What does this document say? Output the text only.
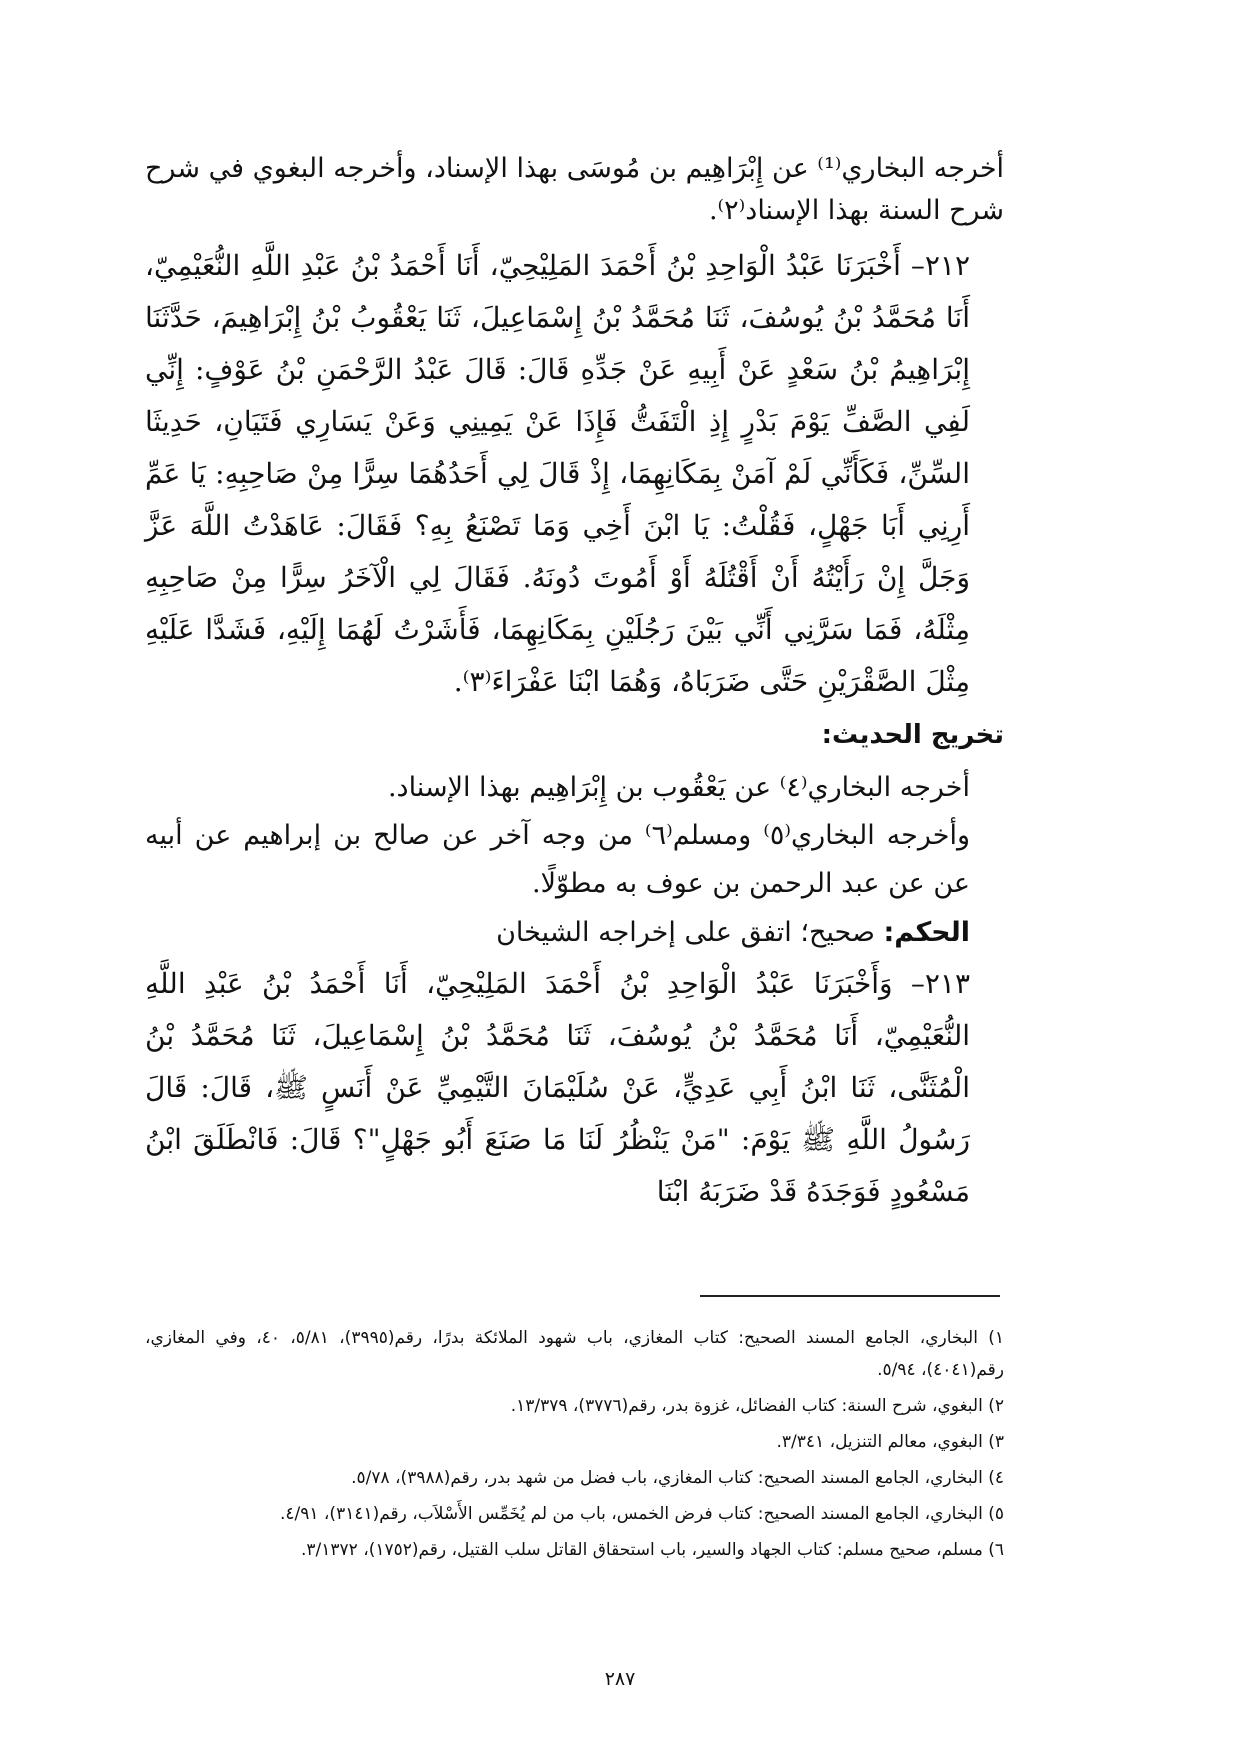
أخرجه البخاري⁽¹⁾ عن إِبْرَاهِيم بن مُوسَى بهذا الإسناد، وأخرجه البغوي في شرح شرح السنة بهذا الإسناد⁽٢⁾.

٢١٢– أَخْبَرَنَا عَبْدُ الْوَاحِدِ بْنُ أَحْمَدَ المَلِيْحِيّ، أَنَا أَحْمَدُ بْنُ عَبْدِ اللَّهِ النُّعَيْمِيّ، أَنَا مُحَمَّدُ بْنُ يُوسُفَ، ثَنَا مُحَمَّدُ بْنُ إِسْمَاعِيلَ، ثَنَا يَعْقُوبُ بْنُ إِبْرَاهِيمَ، حَدَّثَنَا إِبْرَاهِيمُ بْنُ سَعْدٍ عَنْ أَبِيهِ عَنْ جَدِّهِ قَالَ: قَالَ عَبْدُ الرَّحْمَنِ بْنُ عَوْفٍ: إِنِّي لَفِي الصَّفِّ يَوْمَ بَدْرٍ إِذِ الْتَفَتُّ فَإِذَا عَنْ يَمِينِي وَعَنْ يَسَارِي فَتَيَانِ، حَدِيثَا السِّنِّ، فَكَأَنِّي لَمْ آمَنْ بِمَكَانِهِمَا، إِذْ قَالَ لِي أَحَدُهُمَا سِرًّا مِنْ صَاحِبِهِ: يَا عَمِّ أَرِنِي أَبَا جَهْلٍ، فَقُلْتُ: يَا ابْنَ أَخِي وَمَا تَصْنَعُ بِهِ؟ فَقَالَ: عَاهَدْتُ اللَّهَ عَزَّ وَجَلَّ إِنْ رَأَيْتُهُ أَنْ أَقْتُلَهُ أَوْ أَمُوتَ دُونَهُ. فَقَالَ لِي الْآخَرُ سِرًّا مِنْ صَاحِبِهِ مِثْلَهُ، فَمَا سَرَّنِي أَنِّي بَيْنَ رَجُلَيْنِ بِمَكَانِهِمَا، فَأَشَرْتُ لَهُمَا إِلَيْهِ، فَشَدَّا عَلَيْهِ مِثْلَ الصَّقْرَيْنِ حَتَّى ضَرَبَاهُ، وَهُمَا ابْنَا عَفْرَاءَ⁽٣⁾.

تخريج الحديث:

أخرجه البخاري⁽٤⁾ عن يَعْقُوب بن إِبْرَاهِيم بهذا الإسناد.

وأخرجه البخاري⁽٥⁾ ومسلم⁽٦⁾ من وجه آخر عن صالح بن إبراهيم عن أبيه عن عن عبد الرحمن بن عوف به مطوّلًا.

الحكم: صحيح؛ اتفق على إخراجه الشيخان

٢١٣– وَأَخْبَرَنَا عَبْدُ الْوَاحِدِ بْنُ أَحْمَدَ المَلِيْحِيّ، أَنَا أَحْمَدُ بْنُ عَبْدِ اللَّهِ النُّعَيْمِيّ، أَنَا مُحَمَّدُ بْنُ يُوسُفَ، ثَنَا مُحَمَّدُ بْنُ إِسْمَاعِيلَ، ثَنَا مُحَمَّدُ بْنُ الْمُثَنَّى، ثَنَا ابْنُ أَبِي عَدِيٍّ، عَنْ سُلَيْمَانَ التَّيْمِيِّ عَنْ أَنَسٍ ﷺ، قَالَ: قَالَ رَسُولُ اللَّهِ ﷺ يَوْمَ: "مَنْ يَنْظُرُ لَنَا مَا صَنَعَ أَبُو جَهْلٍ"؟ قَالَ: فَانْطَلَقَ ابْنُ مَسْعُودٍ فَوَجَدَهُ قَدْ ضَرَبَهُ ابْنَا

١) البخاري، الجامع المسند الصحيح: كتاب المغازي، باب شهود الملائكة بدرًا، رقم(٣٩٩٥)، ٥/٨١، ٤٠، وفي المغازي، رقم(٤٠٤١)، ٥/٩٤.

٢) البغوي، شرح السنة: كتاب الفضائل، غزوة بدر، رقم(٣٧٧٦)، ١٣/٣٧٩.

٣) البغوي، معالم التنزيل، ٣/٣٤١.

٤) البخاري، الجامع المسند الصحيح: كتاب المغازي، باب فضل من شهد بدر، رقم(٣٩٨٨)، ٥/٧٨.

٥) البخاري، الجامع المسند الصحيح: كتاب فرض الخمس، باب من لم يُخَمِّس الأَسْلاَب، رقم(٣١٤١)، ٤/٩١.

٦) مسلم، صحيح مسلم: كتاب الجهاد والسير، باب استحقاق القاتل سلب القتيل، رقم(١٧٥٢)، ٣/١٣٧٢.

٢٨٧
